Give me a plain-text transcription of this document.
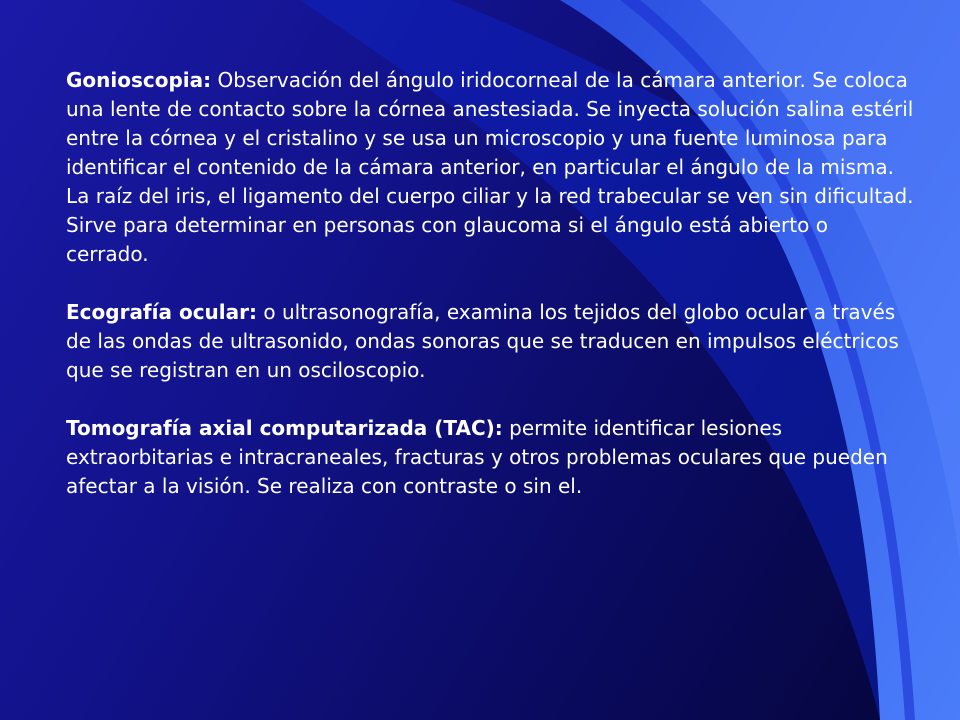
Gonioscopia: Observación del ángulo iridocorneal de la cámara anterior. Se coloca una lente de contacto sobre la córnea anestesiada. Se inyecta solución salina estéril entre la córnea y el cristalino y se usa un microscopio y una fuente luminosa para identificar el contenido de la cámara anterior, en particular el ángulo de la misma.

La raíz del iris, el ligamento del cuerpo ciliar y la red trabecular se ven sin dificultad.

Sirve para determinar en personas con glaucoma si el ángulo está abierto o cerrado.

Ecografía ocular: o ultrasonografía, examina los tejidos del globo ocular a través de las ondas de ultrasonido, ondas sonoras que se traducen en impulsos eléctricos que se registran en un osciloscopio.

Tomografía axial computarizada (TAC): permite identificar lesiones extraorbitarias e intracraneales, fracturas y otros problemas oculares que pueden afectar a la visión. Se realiza con contraste o sin el.
